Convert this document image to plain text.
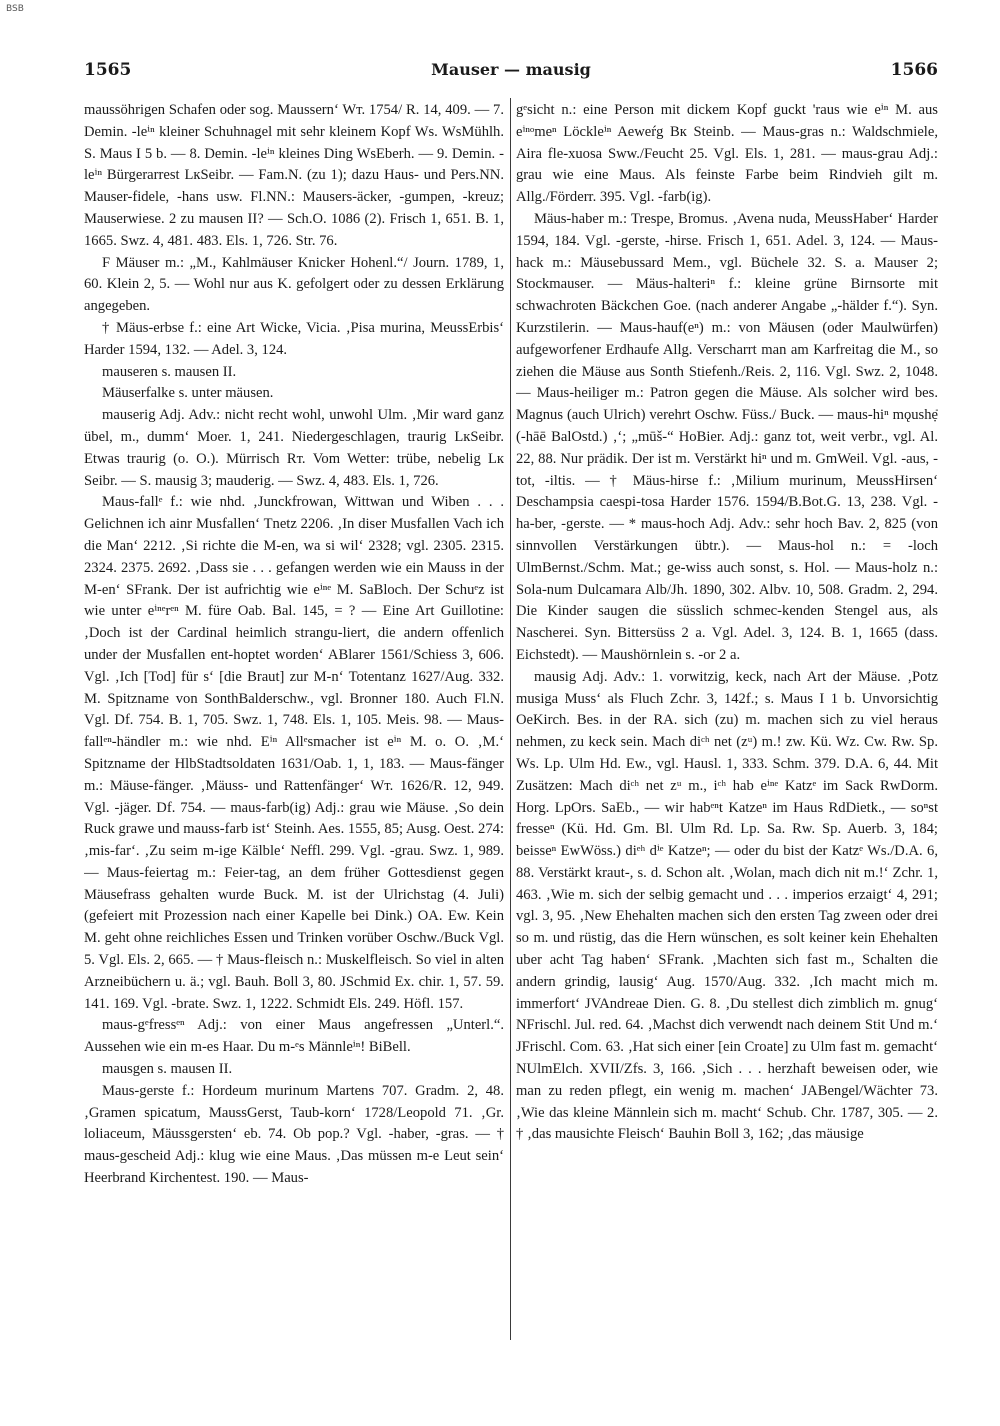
BSB
1565	Mauser — mausig	1566

maussöhrigen Schafen oder sog. Maussern‘ Wт. 1754/ R. 14, 409. — 7. Demin. -leⁱⁿ kleiner Schuhnagel mit sehr kleinem Kopf Ws. WsMühlh. S. Maus I 5 b. — 8. Demin. -leⁱⁿ kleines Ding WsEberh. — 9. Demin. -leⁱⁿ Bürgerarrest LкSeibr. — Fam.N. (zu 1); dazu Haus- und Pers.NN. Mauser-fidele, -hans usw. Fl.NN.: Mausers-äcker, -gumpen, -kreuz; Mauserwiese. 2 zu mausen II? — Sch.O. 1086 (2). Frisch 1, 651. B. 1, 1665. Swz. 4, 481. 483. Els. 1, 726. Str. 76.

F Mäuser m.: „M., Kahlmäuser Knicker Hohenl.“/ Journ. 1789, 1, 60. Klein 2, 5. — Wohl nur aus K. gefolgert oder zu dessen Erklärung angegeben.

† Mäus-erbse f.: eine Art Wicke, Vicia. ‚Pisa murina, MeussErbis‘ Harder 1594, 132. — Adel. 3, 124.

mauseren s. mausen II.

Mäuserfalke s. unter mäusen.

mauserig Adj. Adv.: nicht recht wohl, unwohl Ulm. ‚Mir ward ganz übel, m., dumm‘ Moer. 1, 241. Niedergeschlagen, traurig LкSeibr. Etwas traurig (o. O.). Mürrisch Rт. Vom Wetter: trübe, nebelig Lк Seibr. — S. mausig 3; mauderig. — Swz. 4, 483. Els. 1, 726.

Maus-fallᵉ f.: wie nhd. ‚Junckfrowan, Wittwan und Wiben . . . Gelichnen ich ainr Musfallen‘ Tnetz 2206. ‚In diser Musfallen Vach ich die Man‘ 2212. ‚Si richte die M-en, wa si wil‘ 2328; vgl. 2305. 2315. 2324. 2375. 2692. ‚Dass sie . . . gefangen werden wie ein Mauss in der M-en‘ SFrank. Der ist aufrichtig wie eⁱⁿᵉ M. SaBloch. Der Schuᵉz ist wie unter eⁱⁿᵉrᵉⁿ M. füre Oab. Bal. 145, = ? — Eine Art Guillotine: ‚Doch ist der Cardinal heimlich strangu-liert, die andern offenlich under der Musfallen ent-hoptet worden‘ ABlarer 1561/Schiess 3, 606. Vgl. ‚Ich [Tod] für s‘ [die Braut] zur M-n‘ Totentanz 1627/Aug. 332. M. Spitzname von SonthBalderschw., vgl. Bronner 180. Auch Fl.N. Vgl. Df. 754. B. 1, 705. Swz. 1, 748. Els. 1, 105. Meis. 98. — Maus-fallᵉⁿ-händler m.: wie nhd. Eⁱⁿ Allᵉsmacher ist eⁱⁿ M. o. O. ‚M.‘ Spitzname der HlbStadtsoldaten 1631/Oab. 1, 1, 183. — Maus-fänger m.: Mäuse-fänger. ‚Mäuss- und Rattenfänger‘ Wт. 1626/R. 12, 949. Vgl. -jäger. Df. 754. — maus-farb(ig) Adj.: grau wie Mäuse. ‚So dein Ruck grawe und mauss-farb ist‘ Steinh. Aes. 1555, 85; Ausg. Oest. 274: ‚mis-far‘. ‚Zu seim m-ige Kälble‘ Neffl. 299. Vgl. -grau. Swz. 1, 989. — Maus-feiertag m.: Feier-tag, an dem früher Gottesdienst gegen Mäusefrass gehalten wurde Buck. M. ist der Ulrichstag (4. Juli) (gefeiert mit Prozession nach einer Kapelle bei Dink.) OA. Ew. Kein M. geht ohne reichliches Essen und Trinken vorüber Oschw./Buck Vgl. 5. Vgl. Els. 2, 665. — † Maus-fleisch n.: Muskelfleisch. So viel in alten Arzneibüchern u. ä.; vgl. Bauh. Boll 3, 80. JSchmid Ex. chir. 1, 57. 59. 141. 169. Vgl. -brate. Swz. 1, 1222. Schmidt Els. 249. Höfl. 157.

maus-gᵉfressᵉⁿ Adj.: von einer Maus angefressen „Unterl.“. Aussehen wie ein m-es Haar. Du m-ᵉs Männleⁱⁿ! BiBell.

mausgen s. mausen II.

Maus-gerste f.: Hordeum murinum Martens 707. Gradm. 2, 48. ‚Gramen spicatum, MaussGerst, Taub-korn‘ 1728/Leopold 71. ‚Gr. loliaceum, Mäussgersten‘ eb. 74. Ob pop.? Vgl. -haber, -gras. — † maus-gescheid Adj.: klug wie eine Maus. ‚Das müssen m-e Leut sein‘ Heerbrand Kirchentest. 190. — Maus-

gᵉsicht n.: eine Person mit dickem Kopf guckt 'raus wie eⁱⁿ M. aus eⁱⁿᵒmeⁿ Löckleⁱⁿ Aeweŕg Bк Steinb. — Maus-gras n.: Waldschmiele, Aira fle-xuosa Sww./Feucht 25. Vgl. Els. 1, 281. — maus-grau Adj.: grau wie eine Maus. Als feinste Farbe beim Rindvieh gilt m. Allg./Förderr. 395. Vgl. -farb(ig).

Mäus-haber m.: Trespe, Bromus. ‚Avena nuda, MeussHaber‘ Harder 1594, 184. Vgl. -gerste, -hirse. Frisch 1, 651. Adel. 3, 124. — Maus-hack m.: Mäusebussard Mem., vgl. Büchele 32. S. a. Mauser 2; Stockmauser. — Mäus-halteriⁿ f.: kleine grüne Birnsorte mit schwachroten Bäckchen Goe. (nach anderer Angabe „-hälder f.“). Syn. Kurzstilerin. — Maus-hauf(eⁿ) m.: von Mäusen (oder Maulwürfen) aufgeworfener Erdhaufe Allg. Verscharrt man am Karfreitag die M., so ziehen die Mäuse aus Sonth Stiefenh./Reis. 2, 116. Vgl. Swz. 2, 1048. — Maus-heiliger m.: Patron gegen die Mäuse. Als solcher wird bes. Magnus (auch Ulrich) verehrt Oschw. Füss./ Buck. — maus-hiⁿ mǫushẹ̄ (-hāē BalOstd.) ‚‘; „mūš-“ HoBier. Adj.: ganz tot, weit verbr., vgl. Al. 22, 88. Nur prädik. Der ist m. Verstärkt hiⁿ und m. GmWeil. Vgl. -aus, -tot, -iltis. — † Mäus-hirse f.: ‚Milium murinum, MeussHirsen‘ Deschampsia caespi-tosa Harder 1576. 1594/B.Bot.G. 13, 238. Vgl. -ha-ber, -gerste. — * maus-hoch Adj. Adv.: sehr hoch Bav. 2, 825 (von sinnvollen Verstärkungen übtr.). — Maus-hol n.: = -loch UlmBernst./Schm. Mat.; ge-wiss auch sonst, s. Hol. — Maus-holz n.: Sola-num Dulcamara Alb/Jh. 1890, 302. Albv. 10, 508. Gradm. 2, 294. Die Kinder saugen die süsslich schmec-kenden Stengel aus, als Nascherei. Syn. Bittersüss 2 a. Vgl. Adel. 3, 124. B. 1, 1665 (dass. Eichstedt). — Maushörnlein s. -or 2 a.

mausig Adj. Adv.: 1. vorwitzig, keck, nach Art der Mäuse. ‚Potz musiga Muss‘ als Fluch Zchr. 3, 142f.; s. Maus I 1 b. Unvorsichtig OeKirch. Bes. in der RA. sich (zu) m. machen sich zu viel heraus nehmen, zu keck sein. Mach diᶜʰ net (zᵘ) m.! zw. Kü. Wz. Cw. Rw. Sp. Ws. Lp. Ulm Hd. Ew., vgl. Hausl. 1, 333. Schm. 379. D.A. 6, 44. Mit Zusätzen: Mach diᶜʰ net zᵘ m., iᶜʰ hab eⁱⁿᵉ Katzᵉ im Sack RwDorm. Horg. LpOrs. SaEb., — wir habᵉⁿt Katzeⁿ im Haus RdDietk., — soⁿst fresseⁿ (Kü. Hd. Gm. Bl. Ulm Rd. Lp. Sa. Rw. Sp. Auerb. 3, 184; beisseⁿ EwWöss.) diᵉʰ dⁱᵉ Katzeⁿ; — oder du bist der Katzᵉ Ws./D.A. 6, 88. Verstärkt kraut-, s. d. Schon alt. ‚Wolan, mach dich nit m.!‘ Zchr. 1, 463. ‚Wie m. sich der selbig gemacht und . . . imperios erzaigt‘ 4, 291; vgl. 3, 95. ‚New Ehehalten machen sich den ersten Tag zween oder drei so m. und rüstig, das die Hern wünschen, es solt keiner kein Ehehalten uber acht Tag haben‘ SFrank. ‚Machten sich fast m., Schalten die andern grindig, lausig‘ Aug. 1570/Aug. 332. ‚Ich macht mich m. immerfort‘ JVAndreae Dien. G. 8. ‚Du stellest dich zimblich m. gnug‘ NFrischl. Jul. red. 64. ‚Machst dich verwendt nach deinem Stit Und m.‘ JFrischl. Com. 63. ‚Hat sich einer [ein Croate] zu Ulm fast m. gemacht‘ NUlmElch. XVII/Zfs. 3, 166. ‚Sich . . . herzhaft beweisen oder, wie man zu reden pflegt, ein wenig m. machen‘ JABengel/Wächter 73. ‚Wie das kleine Männlein sich m. macht‘ Schub. Chr. 1787, 305. — 2. † ‚das mausichte Fleisch‘ Bauhin Boll 3, 162; ‚das mäusige
